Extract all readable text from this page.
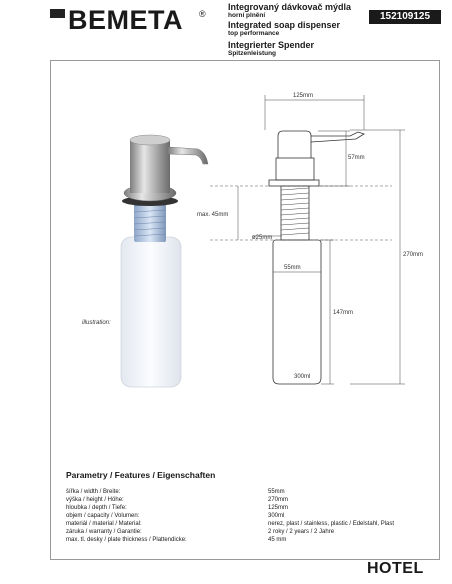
BEMETA ®
Integrovaný dávkovač mýdla
horní plnění
Integrated soap dispenser
top performance
Integrierter Spender
Spitzenleistung
152109125
illustration:
125mm
57mm
max. 45mm
ø25mm
55mm
270mm
147mm
300ml
Parametry / Features / Eigenschaften
šířka / width / Breite:	55mm
výška / height / Höhe:	270mm
hloubka / depth / Tiefe:	125mm
objem / capacity / Volumen:	300ml
materiál / material / Material:	nerez, plast / stainless, plastic / Edelstahl, Plast
záruka / warranty / Garantie:	2 roky / 2 years / 2 Jahre
max. tl. desky / plate thickness / Plattendicke:	45 mm
HOTEL
